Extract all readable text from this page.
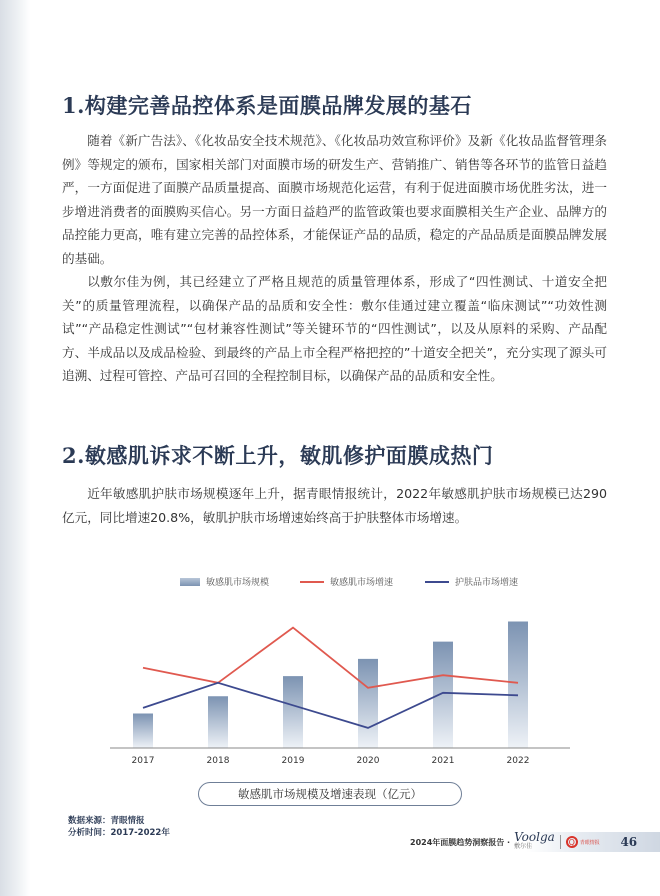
1.构建完善品控体系是面膜品牌发展的基石

随着《新广告法》、《化妆品安全技术规范》、《化妆品功效宣称评价》及新《化妆品监督管理条例》等规定的颁布，国家相关部门对面膜市场的研发生产、营销推广、销售等各环节的监管日益趋严，一方面促进了面膜产品质量提高、面膜市场规范化运营，有利于促进面膜市场优胜劣汰，进一步增进消费者的面膜购买信心。另一方面日益趋严的监管政策也要求面膜相关生产企业、品牌方的品控能力更高，唯有建立完善的品控体系，才能保证产品的品质，稳定的产品品质是面膜品牌发展的基础。

以敷尔佳为例，其已经建立了严格且规范的质量管理体系，形成了“四性测试、十道安全把关”的质量管理流程，以确保产品的品质和安全性：敷尔佳通过建立覆盖“临床测试”“功效性测试”“产品稳定性测试”“包材兼容性测试”等关键环节的“四性测试”，以及从原料的采购、产品配方、半成品以及成品检验、到最终的产品上市全程严格把控的”十道安全把关”，充分实现了源头可追溯、过程可管控、产品可召回的全程控制目标，以确保产品的品质和安全性。

2.敏感肌诉求不断上升，敏肌修护面膜成热门

近年敏感肌护肤市场规模逐年上升，据青眼情报统计，2022年敏感肌护肤市场规模已达290亿元，同比增速20.8%，敏肌护肤市场增速始终高于护肤整体市场增速。

敏感肌市场规模	敏感肌市场增速	护肤品市场增速
2017	2018	2019	2020	2021	2022
敏感肌市场规模及增速表现（亿元）
数据来源：青眼情报
分析时间：2017-2022年
2024年面膜趋势洞察报告 · Voolga
敷尔佳	Q 青眼情报	46
